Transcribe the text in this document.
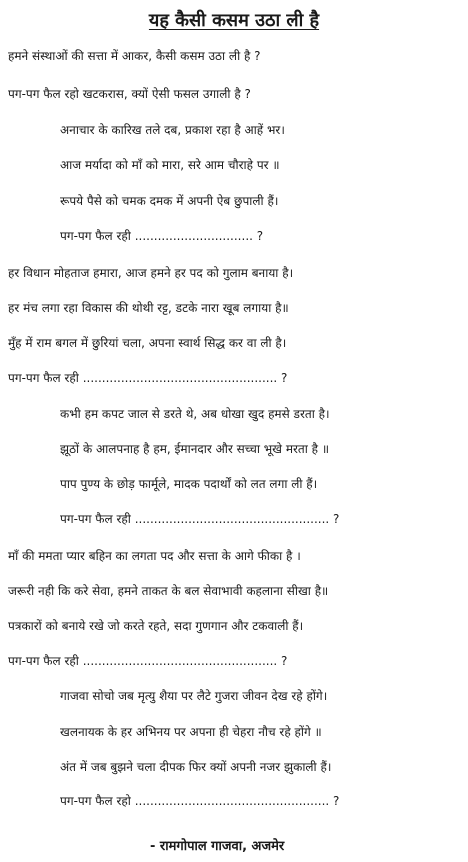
यह कैसी कसम उठा ली है
हमने संस्थाओं की सत्ता में आकर, कैसी कसम उठा ली है ?
पग-पग फैल रहो खटकरास, क्यों ऐसी फसल उगाली है ?
अनाचार के कारिख तले दब, प्रकाश रहा है आहें भर।
आज मर्यादा को माँ को मारा, सरे आम चौराहे पर ॥
रूपये पैसे को चमक दमक में अपनी ऐब छुपाली हैं।
पग-पग फैल रही ............................... ?
हर विधान मोहताज हमारा, आज हमने हर पद को गुलाम बनाया है।
हर मंच लगा रहा विकास की थोथी रट्ट, डटके नारा खूब लगाया है॥
मुँह में राम बगल में छुरियां चला, अपना स्वार्थ सिद्ध कर वा ली है।
पग-पग फैल रही ................................................... ?
कभी हम कपट जाल से डरते थे, अब धोखा खुद हमसे डरता है।
झूठों के आलपनाह है हम, ईमानदार और सच्चा भूखे मरता है ॥
पाप पुण्य के छोड़ फार्मूले, मादक पदार्थों को लत लगा ली हैं।
पग-पग फैल रही ................................................... ?
माँ की ममता प्यार बहिन का लगता पद और सत्ता के आगे फीका है ।
जरूरी नही कि करे सेवा, हमने ताकत के बल सेवाभावी कहलाना सीखा है॥
पत्रकारों को बनाये रखे जो करते रहते, सदा गुणगान और टकवाली हैं।
पग-पग फैल रही ................................................... ?
गाजवा सोचो जब मृत्यु शैया पर लैटे गुजरा जीवन देख रहे होंगे।
खलनायक के हर अभिनय पर अपना ही चेहरा नौच रहे होंगे ॥
अंत में जब बुझने चला दीपक फिर क्यों अपनी नजर झुकाली हैं।
पग-पग फैल रहो ................................................... ?
- रामगोपाल गाजवा, अजमेर
